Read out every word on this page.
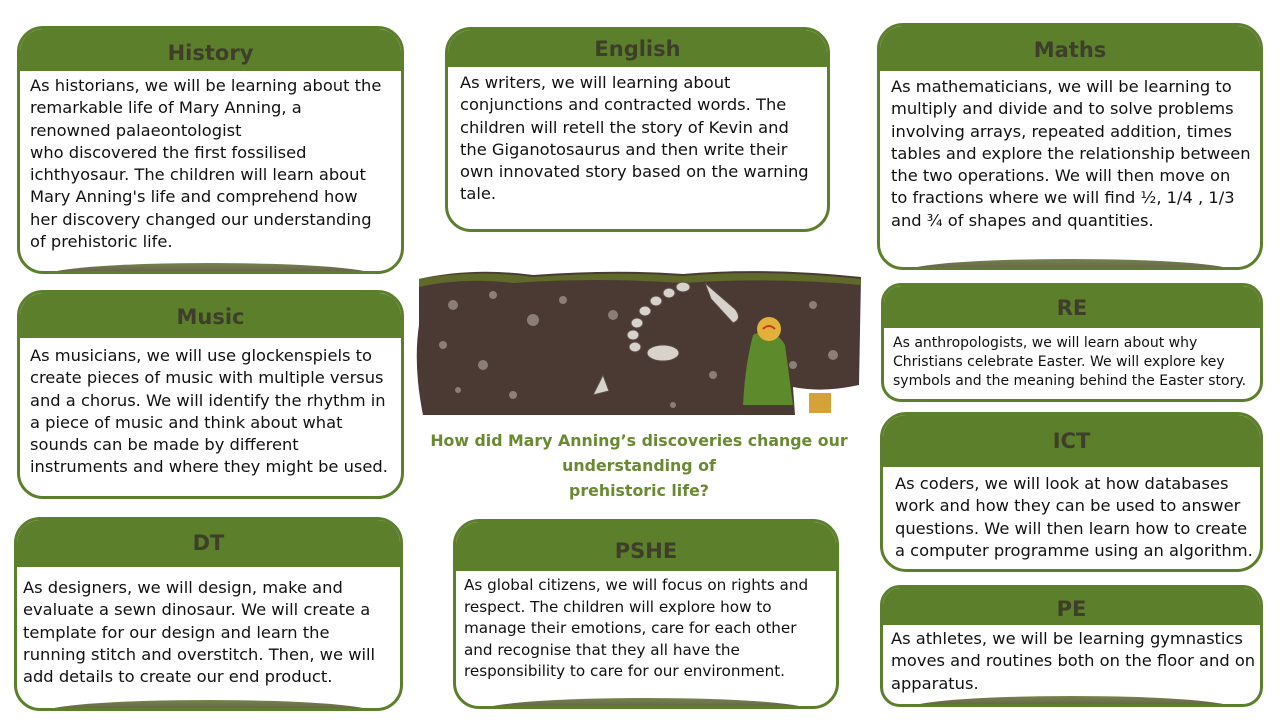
History
As historians, we will be learning about the
remarkable life of Mary Anning, a
renowned palaeontologist
who discovered the first fossilised
ichthyosaur. The children will learn about
Mary Anning's life and comprehend how
her discovery changed our understanding
of prehistoric life.
English
As writers, we will learning about
conjunctions and contracted words. The
children will retell the story of Kevin and
the Giganotosaurus and then write their
own innovated story based on the warning
tale.
Maths
As mathematicians, we will be learning to
multiply and divide and to solve problems
involving arrays, repeated addition, times
tables and explore the relationship between
the two operations. We will then move on
to fractions where we will find ½, 1/4 , 1/3
and ¾ of shapes and quantities.
Music
As musicians, we will use glockenspiels to
create pieces of music with multiple versus
and a chorus. We will identify the rhythm in
a piece of music and think about what
sounds can be made by different
instruments and where they might be used.
RE
As anthropologists, we will learn about why
Christians celebrate Easter. We will explore key
symbols and the meaning behind the Easter story.
How did Mary Anning’s discoveries change our
understanding of
prehistoric life?
ICT
As coders, we will look at how databases
work and how they can be used to answer
questions. We will then learn how to create
a computer programme using an algorithm.
DT
As designers, we will design, make and
evaluate a sewn dinosaur. We will create a
template for our design and learn the
running stitch and overstitch. Then, we will
add details to create our end product.
PSHE
As global citizens, we will focus on rights and
respect. The children will explore how to
manage their emotions, care for each other
and recognise that they all have the
responsibility to care for our environment.
PE
As athletes, we will be learning gymnastics
moves and routines both on the floor and on
apparatus.
